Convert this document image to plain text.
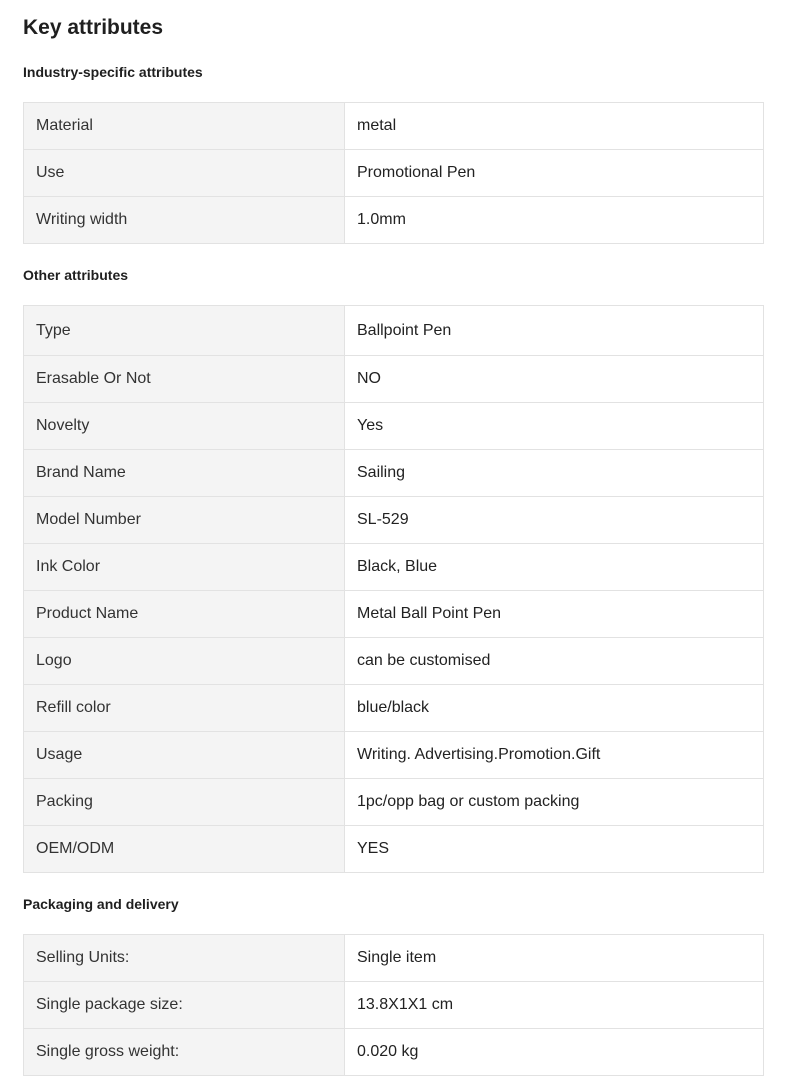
Key attributes
Industry-specific attributes
Material	metal
Use	Promotional Pen
Writing width	1.0mm
Other attributes
Type	Ballpoint Pen
Erasable Or Not	NO
Novelty	Yes
Brand Name	Sailing
Model Number	SL-529
Ink Color	Black, Blue
Product Name	Metal Ball Point Pen
Logo	can be customised
Refill color	blue/black
Usage	Writing. Advertising.Promotion.Gift
Packing	1pc/opp bag or custom packing
OEM/ODM	YES
Packaging and delivery
Selling Units:	Single item
Single package size:	13.8X1X1 cm
Single gross weight:	0.020 kg
